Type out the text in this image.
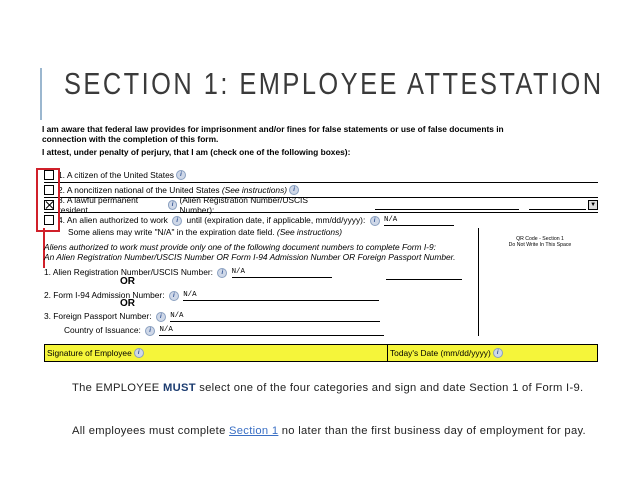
SECTION 1: EMPLOYEE ATTESTATION
I am aware that federal law provides for imprisonment and/or fines for false statements or use of false documents in
connection with the completion of this form.
I attest, under penalty of perjury, that I am (check one of the following boxes):
1. A citizen of the United States	i
2. A noncitizen national of the United States
(See instructions)	i
3. A lawful permanent resident	i (Alien Registration Number/USCIS Number):	▼
4. An alien authorized to work i until (expiration date, if applicable, mm/dd/yyyy): i N/A
Some aliens may write "N/A" in the expiration date field. (See instructions)
Aliens authorized to work must provide only one of the following document numbers to complete Form I-9:
An Alien Registration Number/USCIS Number OR Form I-94 Admission Number OR Foreign Passport Number.
1. Alien Registration Number/USCIS Number: i N/A
OR
2. Form I-94 Admission Number: i N/A
OR
3. Foreign Passport Number: i N/A
Country of Issuance: i N/A
QR Code - Section 1
Do Not Write In This Space
Signature of Employee	i	Today's Date (mm/dd/yyyy)	i
The EMPLOYEE MUST select one of the four categories and sign and date Section 1 of Form I-9.
All employees must complete Section 1 no later than the first business day of employment for pay.
